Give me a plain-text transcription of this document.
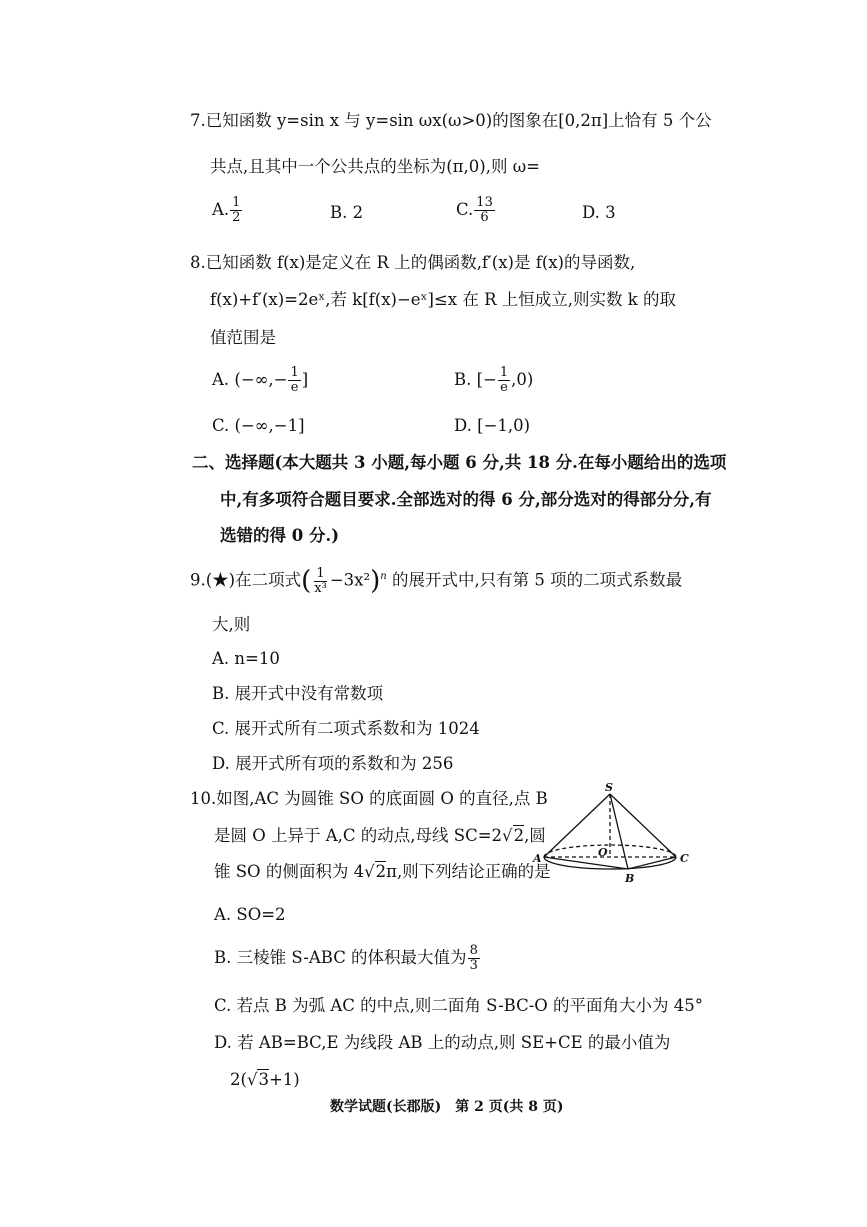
7.已知函数 y=sin x 与 y=sin ωx(ω>0)的图象在[0,2π]上恰有 5 个公
共点,且其中一个公共点的坐标为(π,0),则 ω=
A. $\frac{1}{2}$	B. 2	C. $\frac{13}{6}$	D. 3
8.已知函数 f(x)是定义在 R 上的偶函数,f′(x)是 f(x)的导函数,
f(x)+f′(x)=2eˣ,若 k[f(x)−eˣ]≤x 在 R 上恒成立,则实数 k 的取
值范围是
A. (−∞,− $\frac{1}{e}$ ]	B. [− $\frac{1}{e} ,0$)
C. (−∞,−1]	D. [−1,0)
二、选择题(本大题共 3 小题,每小题 6 分,共 18 分.在每小题给出的选项
中,有多项符合题目要求.全部选对的得 6 分,部分选对的得部分分,有
选错的得 0 分.)
9.(★)在二项式( $\frac{1}{\text{x³}} -3x^2)^n$ 的展开式中,只有第 5 项的二项式系数最
大,则
A. n=10
B. 展开式中没有常数项
C. 展开式所有二项式系数和为 1024
D. 展开式所有项的系数和为 256
10.如图,AC 为圆锥 SO 的底面圆 O 的直径,点 B
是圆 O 上异于 A,C 的动点,母线 SC=2√2,圆
锥 SO 的侧面积为 4√2π,则下列结论正确的是
S
A	O	C
B
A. SO=2
B. 三棱锥 S-ABC 的体积最大值为 $\frac{8}{3}$
C. 若点 B 为弧 AC 的中点,则二面角 S-BC-O 的平面角大小为 45°
D. 若 AB=BC,E 为线段 AB 上的动点,则 SE+CE 的最小值为
2(√3+1)
数学试题(长郡版)　第 2 页(共 8 页)
